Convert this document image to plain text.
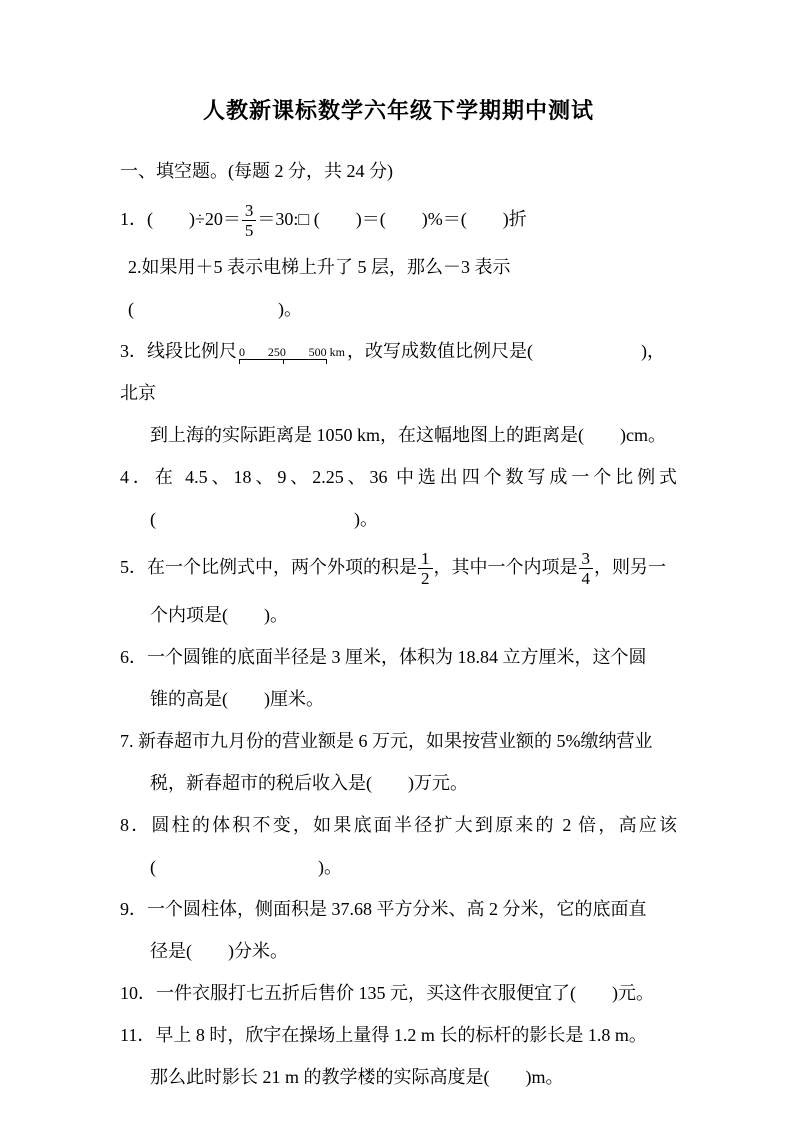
人教新课标数学六年级下学期期中测试
一、填空题。(每题 2 分，共 24 分)
1．(　　)$\div 20= \frac{3}{5}$ ＝30:□ (　　)＝(　　)%＝(　　)折
2.如果用＋5 表示电梯上升了 5 层，那么－3 表示(　　　　　　　　)。
3．线段比例尺 0 250 500 km ，改写成数值比例尺是(　　　　　　)，北京
到上海的实际距离是 1050 km，在这幅地图上的距离是(　　)cm。
4．在 4.5、18、9、2.25、36 中选出四个数写成一个比例式
(　　　　　　　　　　　)。
5．在一个比例式中，两个外项的积是 $\frac{1}{2}$ ，其中一个内项是 $\frac{3}{4}$ ，则另一
个内项是(　　)。
6．一个圆锥的底面半径是 3 厘米，体积为 18.84 立方厘米，这个圆
锥的高是(　　)厘米。
7. 新春超市九月份的营业额是 6 万元，如果按营业额的 5%缴纳营业
税，新春超市的税后收入是(　　)万元。
8．圆柱的体积不变，如果底面半径扩大到原来的 2 倍，高应该
(　　　　　　　　　)。
9．一个圆柱体，侧面积是 37.68 平方分米、高 2 分米，它的底面直
径是(　　)分米。
10．一件衣服打七五折后售价 135 元，买这件衣服便宜了(　　)元。
11．早上 8 时，欣宇在操场上量得 1.2 m 长的标杆的影长是 1.8 m。
那么此时影长 21 m 的教学楼的实际高度是(　　)m。
